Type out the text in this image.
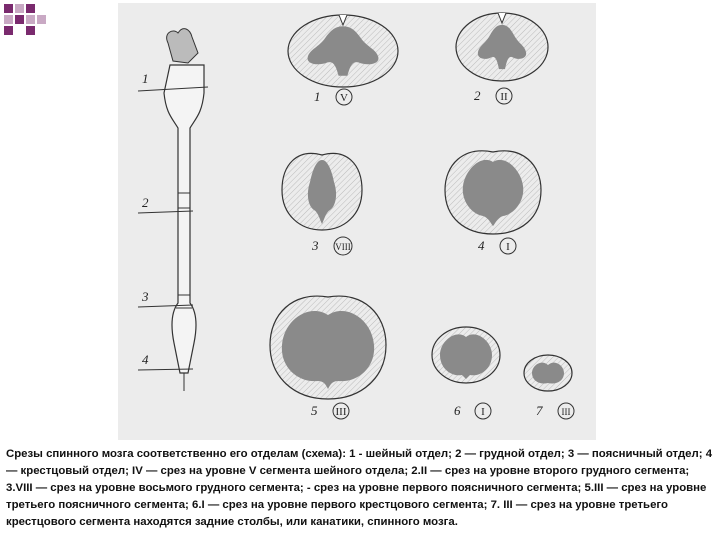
1
2
3
4
1 V	2 II
3 VIII	4 I
5 III	6 I	7 III
Срезы спинного мозга соответственно его отделам (схема): 1 - шейный отдел; 2 — грудной отдел; 3 — поясничный отдел; 4 — крестцовый отдел; IV — срез на уровне V сегмента шейного отдела; 2.II — срез на уровне второго грудного сегмента; 3.VIII — срез на уровне восьмого грудного сегмента; - срез на уровне первого поясничного сегмента; 5.III — срез на уровне третьего поясничного сегмента; 6.I — срез на уровне первого крестцового сегмента; 7. III — срез на уровне третьего крестцового сегмента находятся задние столбы, или канатики, спинного мозга.
